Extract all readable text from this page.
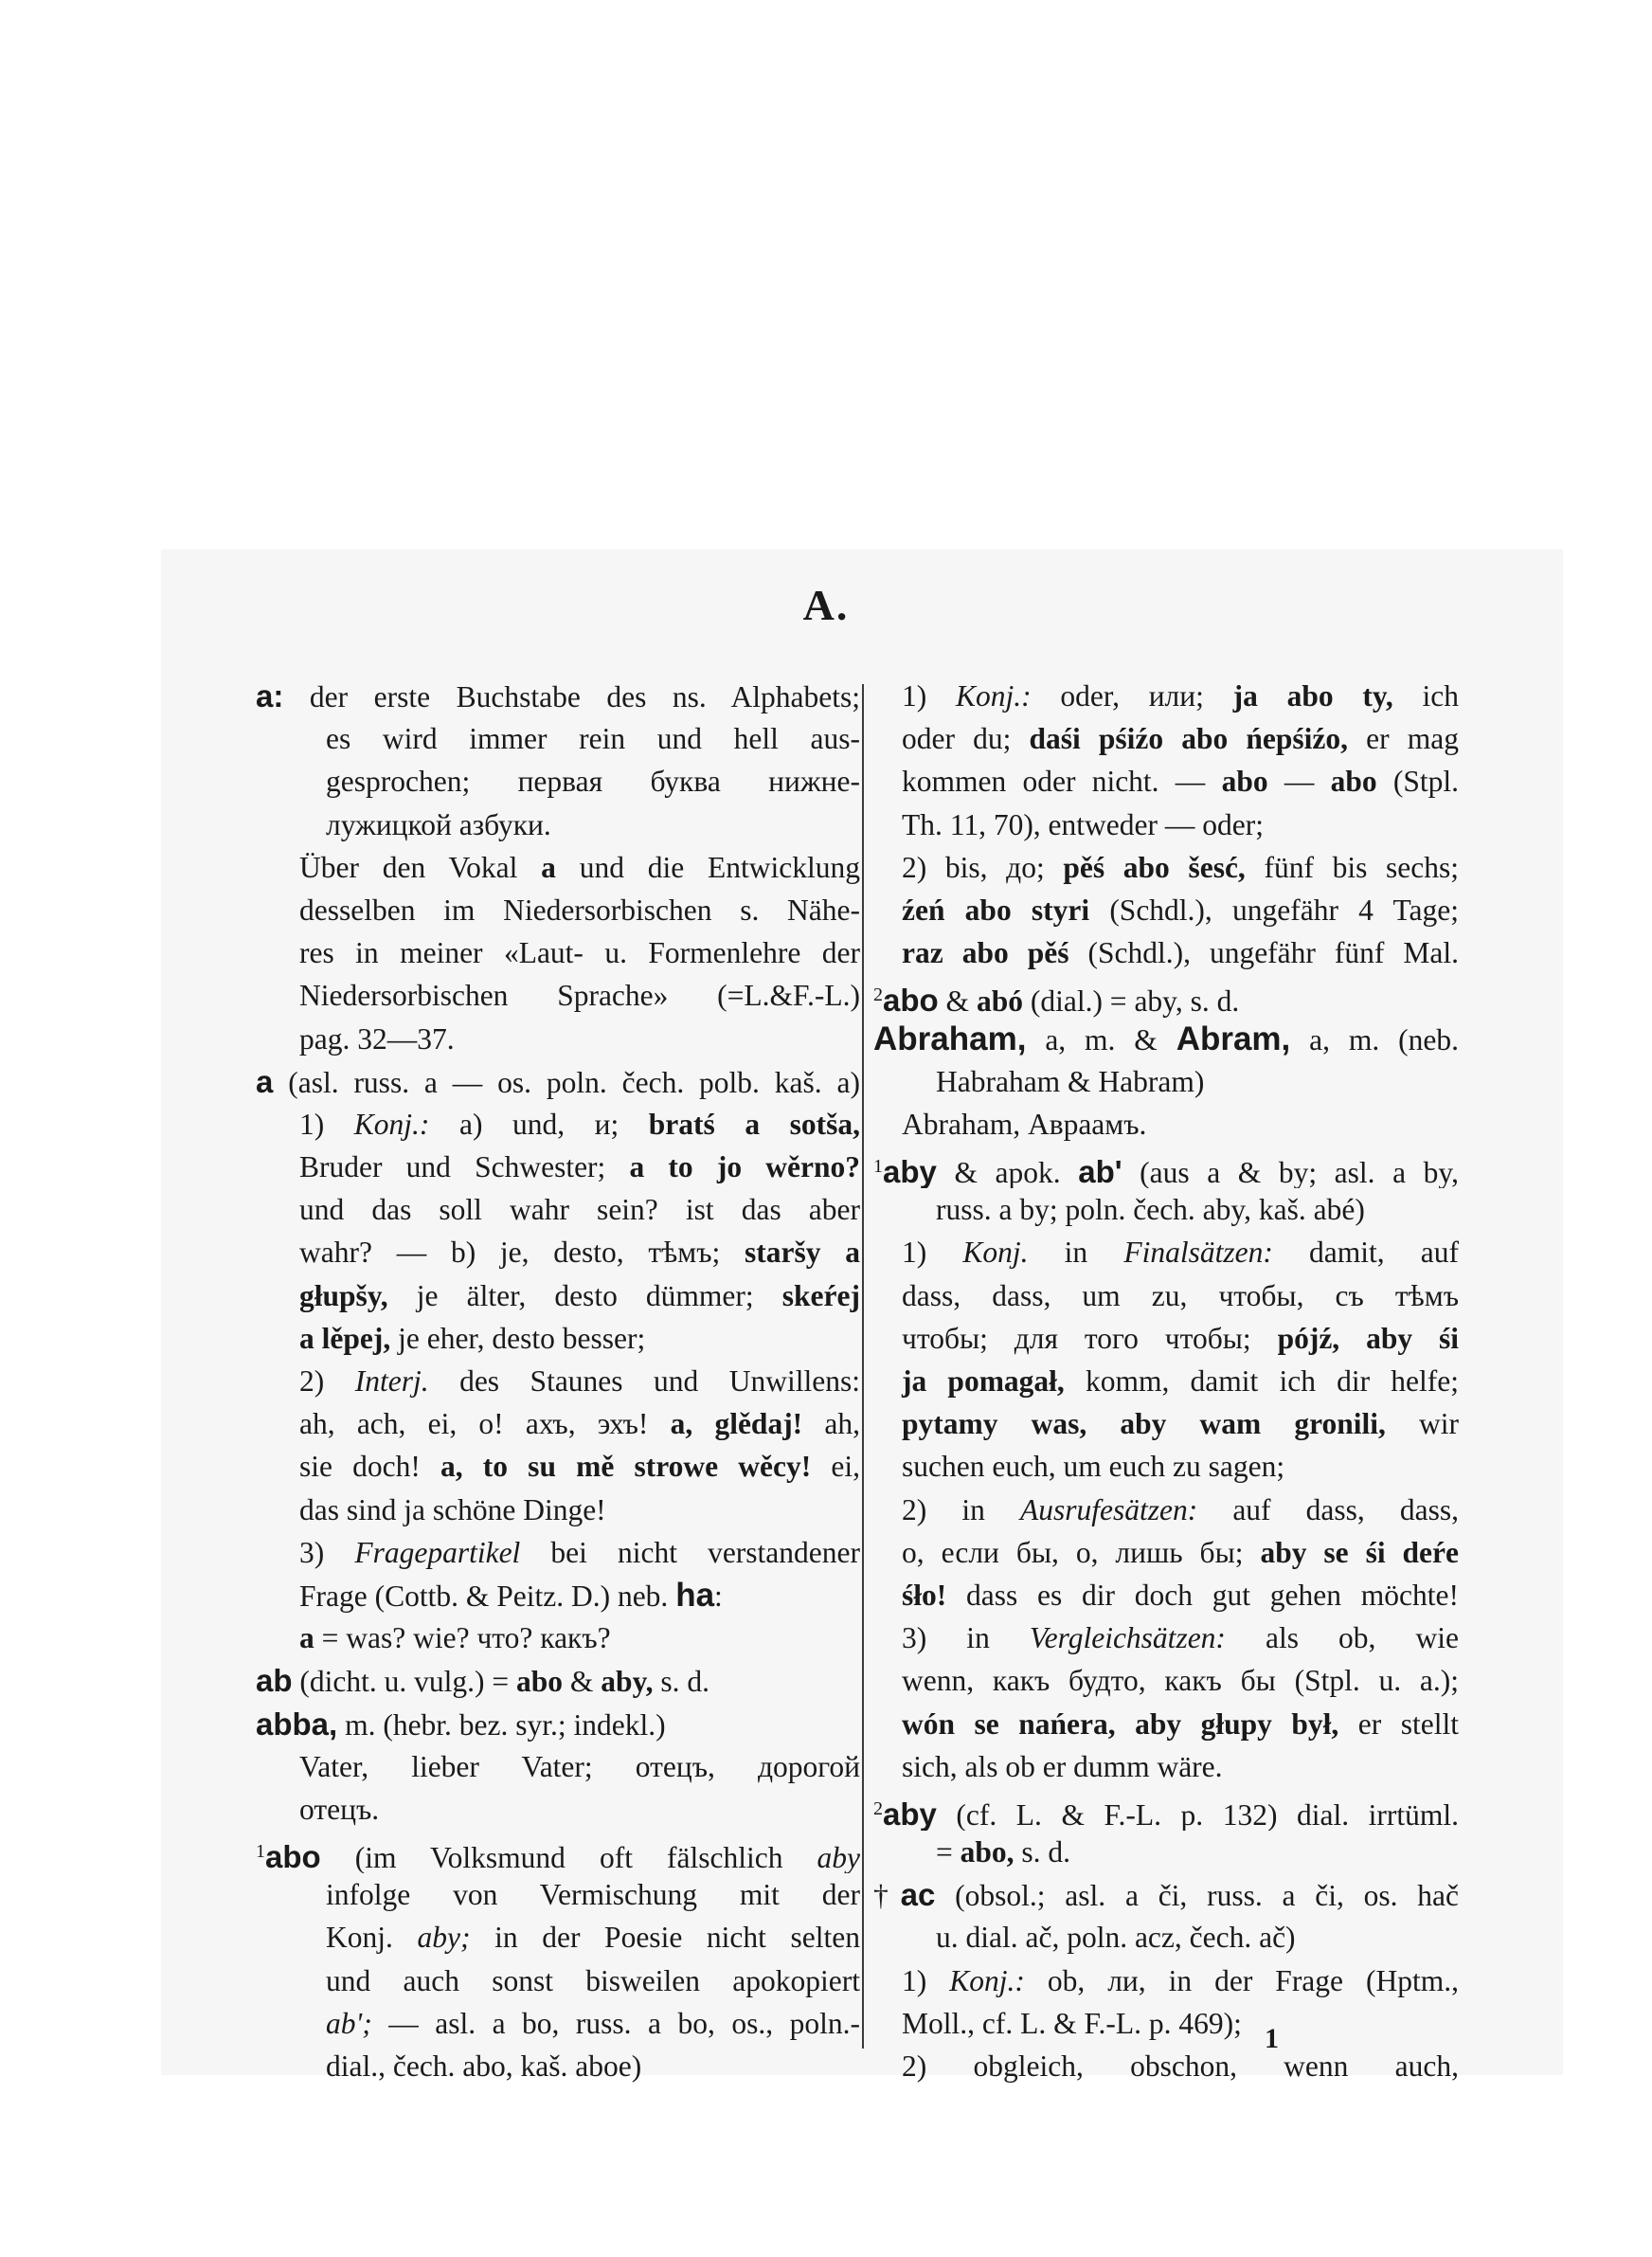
A.
a: der erste Buchstabe des ns. Alphabets;
es wird immer rein und hell aus-
gesprochen; первая буква нижне-
лужицкой азбуки.
Über den Vokal a und die Entwicklung
desselben im Niedersorbischen s. Nähe-
res in meiner «Laut- u. Formenlehre der
Niedersorbischen Sprache» (=L.&F.-L.)
pag. 32—37.
a (asl. russ. a — os. poln. čech. polb. kaš. a)
1) Konj.: a) und, и; bratś a sotša,
Bruder und Schwester; a to jo wěrno?
und das soll wahr sein? ist das aber
wahr? — b) je, desto, тѣмъ; staršy a
głupšy, je älter, desto dümmer; skeŕej
a lěpej, je eher, desto besser;
2) Interj. des Staunes und Unwillens:
ah, ach, ei, o! ахъ, эхъ! a, glědaj! ah,
sie doch! a, to su mě strowe wěcy! ei,
das sind ja schöne Dinge!
3) Fragepartikel bei nicht verstandener
Frage (Cottb. & Peitz. D.) neb. ha:
a = was? wie? что? какъ?
ab (dicht. u. vulg.) = abo & aby, s. d.
abba, m. (hebr. bez. syr.; indekl.)
Vater, lieber Vater; отецъ, дорогой
отецъ.
$^1$abo (im Volksmund oft fälschlich aby
infolge von Vermischung mit der
Konj. aby; in der Poesie nicht selten
und auch sonst bisweilen apokopiert
ab'; — asl. a bo, russ. a bo, os., poln.-
dial., čech. abo, kaš. aboe)
1) Konj.: oder, или; ja abo ty, ich
oder du; daśi pśiźo abo ńepśiźo, er mag
kommen oder nicht. — abo — abo (Stpl.
Th. 11, 70), entweder — oder;
2) bis, до; pěś abo šesć, fünf bis sechs;
źeń abo styri (Schdl.), ungefähr 4 Tage;
raz abo pěś (Schdl.), ungefähr fünf Mal.
$^2$abo & abó (dial.) = aby, s. d.
Abraham, a, m. & Abram, a, m. (neb.
Habraham & Habram)
Abraham, Авраамъ.
$^1$aby & apok. ab' (aus a & by; asl. a by,
russ. a by; poln. čech. aby, kaš. abé)
1) Konj. in Finalsätzen: damit, auf
dass, dass, um zu, чтобы, съ тѣмъ
чтобы; для того чтобы; pójź, aby śi
ja pomagał, komm, damit ich dir helfe;
pytamy was, aby wam gronili, wir
suchen euch, um euch zu sagen;
2) in Ausrufesätzen: auf dass, dass,
o, если бы, о, лишь бы; aby se śi deŕe
śło! dass es dir doch gut gehen möchte!
3) in Vergleichsätzen: als ob, wie
wenn, какъ будто, какъ бы (Stpl. u. a.);
wón se nańera, aby głupy był, er stellt
sich, als ob er dumm wäre.
$^2$aby (cf. L. & F.-L. p. 132) dial. irrtüml.
= abo, s. d.
†ac (obsol.; asl. a či, russ. a či, os. hač
u. dial. ač, poln. acz, čech. ač)
1) Konj.: ob, ли, in der Frage (Hptm.,
Moll., cf. L. & F.-L. p. 469);
2) obgleich, obschon, wenn auch,
1
